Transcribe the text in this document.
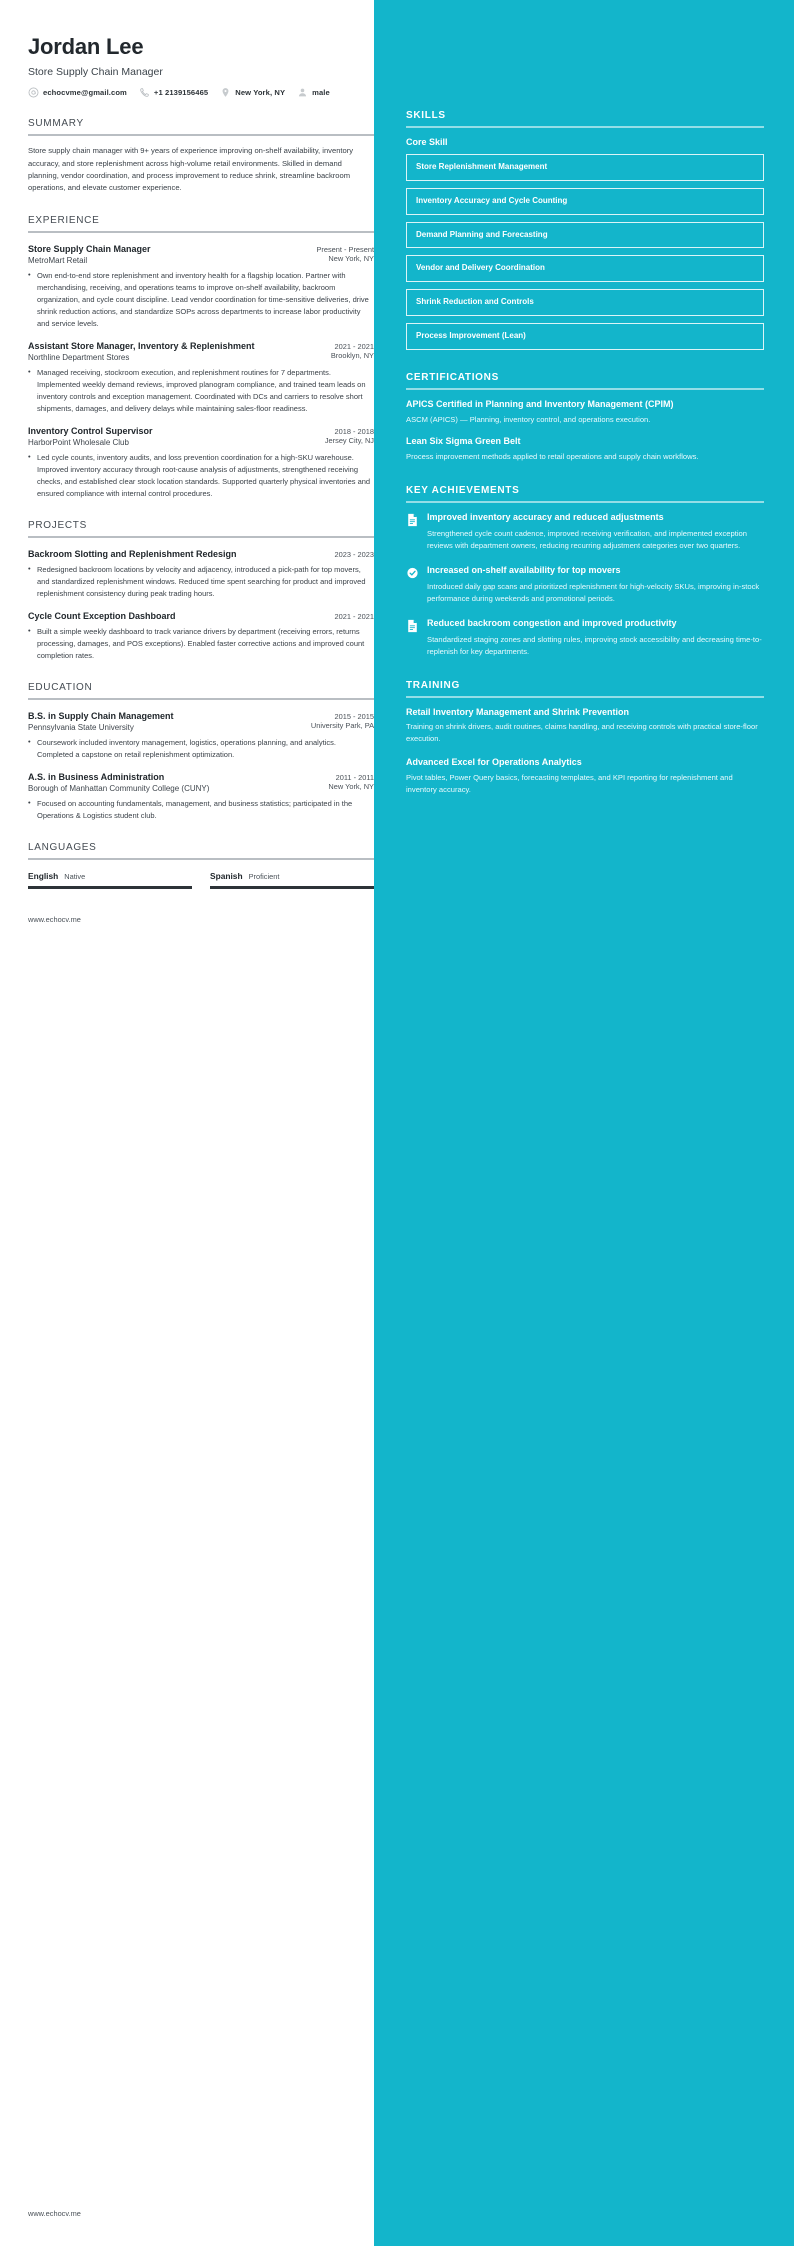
Jordan Lee
Store Supply Chain Manager
echocvme@gmail.com	+1 2139156465	New York, NY	male
SUMMARY
Store supply chain manager with 9+ years of experience improving on-shelf availability, inventory accuracy, and store replenishment across high-volume retail environments. Skilled in demand planning, vendor coordination, and process improvement to reduce shrink, streamline backroom operations, and elevate customer experience.
EXPERIENCE
Store Supply Chain Manager	Present - Present
MetroMart Retail	New York, NY
• Own end-to-end store replenishment and inventory health for a flagship location. Partner with merchandising, receiving, and operations teams to improve on-shelf availability, backroom organization, and cycle count discipline. Lead vendor coordination for time-sensitive deliveries, drive shrink reduction actions, and standardize SOPs across departments to increase labor productivity and service levels.
Assistant Store Manager, Inventory & Replenishment	2021 - 2021
Northline Department Stores	Brooklyn, NY
• Managed receiving, stockroom execution, and replenishment routines for 7 departments. Implemented weekly demand reviews, improved planogram compliance, and trained team leads on inventory controls and exception management. Coordinated with DCs and carriers to resolve short shipments, damages, and delivery delays while maintaining sales-floor readiness.
Inventory Control Supervisor	2018 - 2018
HarborPoint Wholesale Club	Jersey City, NJ
• Led cycle counts, inventory audits, and loss prevention coordination for a high-SKU warehouse. Improved inventory accuracy through root-cause analysis of adjustments, strengthened receiving checks, and established clear stock location standards. Supported quarterly physical inventories and ensured compliance with internal control procedures.
PROJECTS
Backroom Slotting and Replenishment Redesign	2023 - 2023
• Redesigned backroom locations by velocity and adjacency, introduced a pick-path for top movers, and standardized replenishment windows. Reduced time spent searching for product and improved replenishment consistency during peak trading hours.
Cycle Count Exception Dashboard	2021 - 2021
• Built a simple weekly dashboard to track variance drivers by department (receiving errors, returns processing, damages, and POS exceptions). Enabled faster corrective actions and improved count completion rates.
EDUCATION
B.S. in Supply Chain Management	2015 - 2015
Pennsylvania State University	University Park, PA
• Coursework included inventory management, logistics, operations planning, and analytics. Completed a capstone on retail replenishment optimization.
A.S. in Business Administration	2011 - 2011
Borough of Manhattan Community College (CUNY)	New York, NY
• Focused on accounting fundamentals, management, and business statistics; participated in the Operations & Logistics student club.
LANGUAGES
English Native	Spanish Proficient
www.echocv.me
www.echocv.me
SKILLS
Core Skill
Store Replenishment Management
Inventory Accuracy and Cycle Counting
Demand Planning and Forecasting
Vendor and Delivery Coordination
Shrink Reduction and Controls
Process Improvement (Lean)
CERTIFICATIONS
APICS Certified in Planning and Inventory Management (CPIM)
ASCM (APICS) — Planning, inventory control, and operations execution.
Lean Six Sigma Green Belt
Process improvement methods applied to retail operations and supply chain workflows.
KEY ACHIEVEMENTS
Improved inventory accuracy and reduced adjustments
Strengthened cycle count cadence, improved receiving verification, and implemented exception reviews with department owners, reducing recurring adjustment categories over two quarters.
Increased on-shelf availability for top movers
Introduced daily gap scans and prioritized replenishment for high-velocity SKUs, improving in-stock performance during weekends and promotional periods.
Reduced backroom congestion and improved productivity
Standardized staging zones and slotting rules, improving stock accessibility and decreasing time-to-replenish for key departments.
TRAINING
Retail Inventory Management and Shrink Prevention
Training on shrink drivers, audit routines, claims handling, and receiving controls with practical store-floor execution.
Advanced Excel for Operations Analytics
Pivot tables, Power Query basics, forecasting templates, and KPI reporting for replenishment and inventory accuracy.
